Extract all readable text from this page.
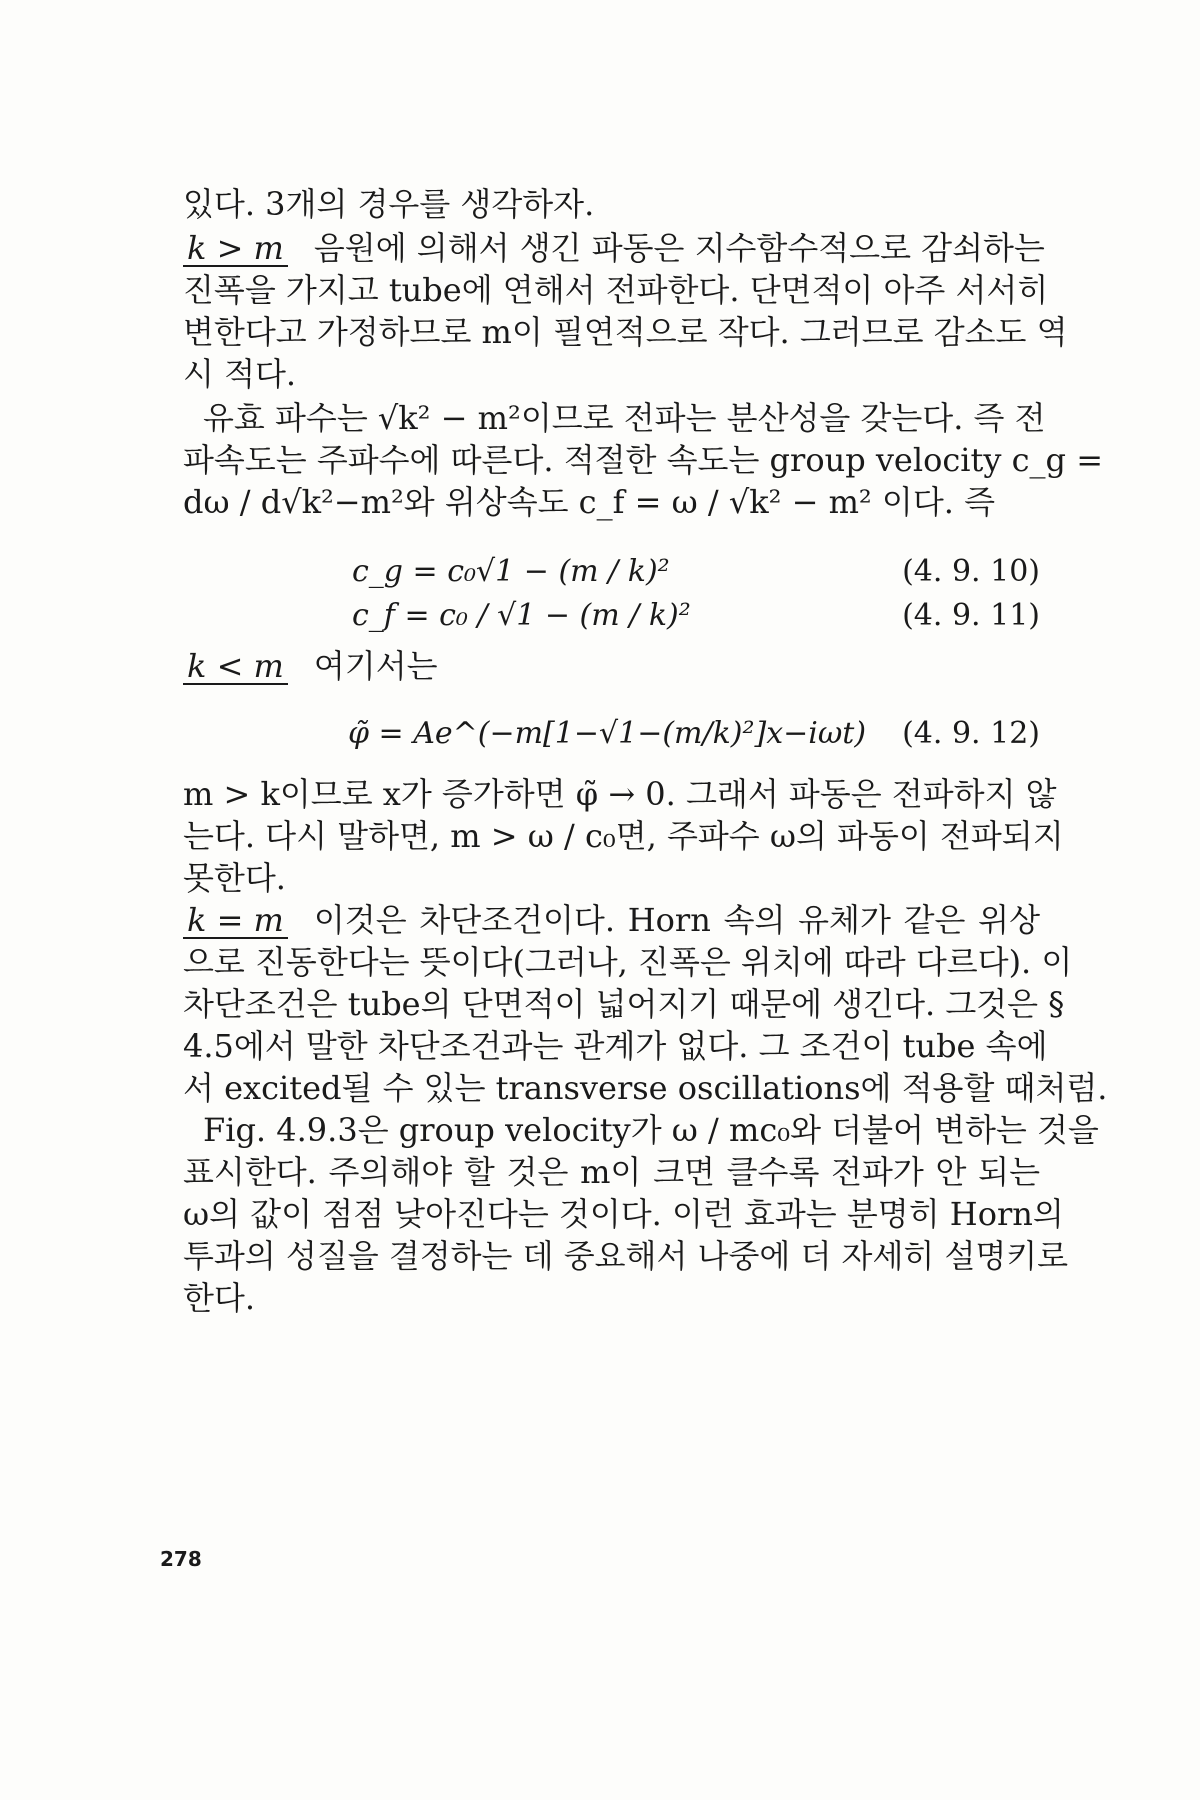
있다. 3개의 경우를 생각하자.
k > m 음원에 의해서 생긴 파동은 지수함수적으로 감쇠하는
진폭을 가지고 tube에 연해서 전파한다. 단면적이 아주 서서히
변한다고 가정하므로 m이 필연적으로 작다. 그러므로 감소도 역
시 적다.
유효 파수는 √k² − m²이므로 전파는 분산성을 갖는다. 즉 전
파속도는 주파수에 따른다. 적절한 속도는 group velocity c_g =
dω / d√k²−m²와 위상속도 c_f = ω / √k² − m² 이다. 즉
c_g = c₀√1 − (m / k)²	(4. 9. 10)
c_f = c₀ / √1 − (m / k)²	(4. 9. 11)
k < m 여기서는
φ̃ = Ae^(−m[1−√1−(m/k)²]x−iωt) (4. 9. 12)
m > k이므로 x가 증가하면 φ̃ → 0. 그래서 파동은 전파하지 않
는다. 다시 말하면, m > ω / c₀면, 주파수 ω의 파동이 전파되지
못한다.
k = m 이것은 차단조건이다. Horn 속의 유체가 같은 위상
으로 진동한다는 뜻이다(그러나, 진폭은 위치에 따라 다르다). 이
차단조건은 tube의 단면적이 넓어지기 때문에 생긴다. 그것은 §
4.5에서 말한 차단조건과는 관계가 없다. 그 조건이 tube 속에
서 excited될 수 있는 transverse oscillations에 적용할 때처럼.
Fig. 4.9.3은 group velocity가 ω / mc₀와 더불어 변하는 것을
표시한다. 주의해야 할 것은 m이 크면 클수록 전파가 안 되는
ω의 값이 점점 낮아진다는 것이다. 이런 효과는 분명히 Horn의
투과의 성질을 결정하는 데 중요해서 나중에 더 자세히 설명키로
한다.
278
